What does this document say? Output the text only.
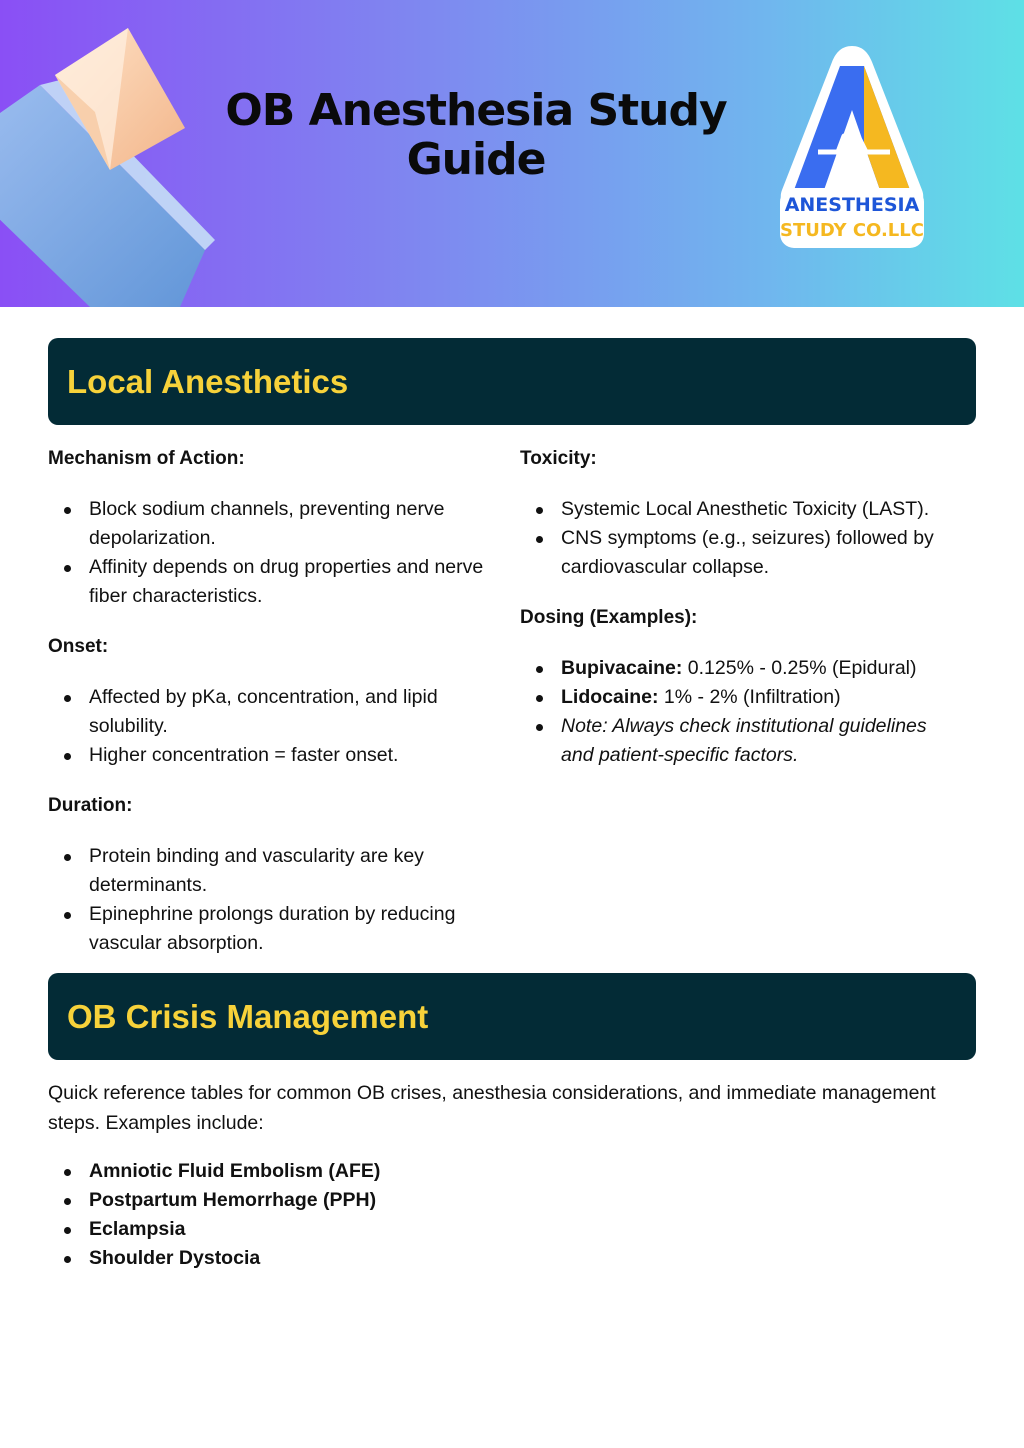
OB Anesthesia Study Guide
ANESTHESIA
STUDY CO.LLC
Local Anesthetics
Mechanism of Action:
Block sodium channels, preventing nerve depolarization.
Affinity depends on drug properties and nerve fiber characteristics.
Onset:
Affected by pKa, concentration, and lipid solubility.
Higher concentration = faster onset.
Duration:
Protein binding and vascularity are key determinants.
Epinephrine prolongs duration by reducing vascular absorption.
Toxicity:
Systemic Local Anesthetic Toxicity (LAST).
CNS symptoms (e.g., seizures) followed by cardiovascular collapse.
Dosing (Examples):
Bupivacaine: 0.125% - 0.25% (Epidural)
Lidocaine: 1% - 2% (Infiltration)
Note: Always check institutional guidelines and patient-specific factors.
OB Crisis Management
Quick reference tables for common OB crises, anesthesia considerations, and immediate management steps. Examples include:
Amniotic Fluid Embolism (AFE)
Postpartum Hemorrhage (PPH)
Eclampsia
Shoulder Dystocia
